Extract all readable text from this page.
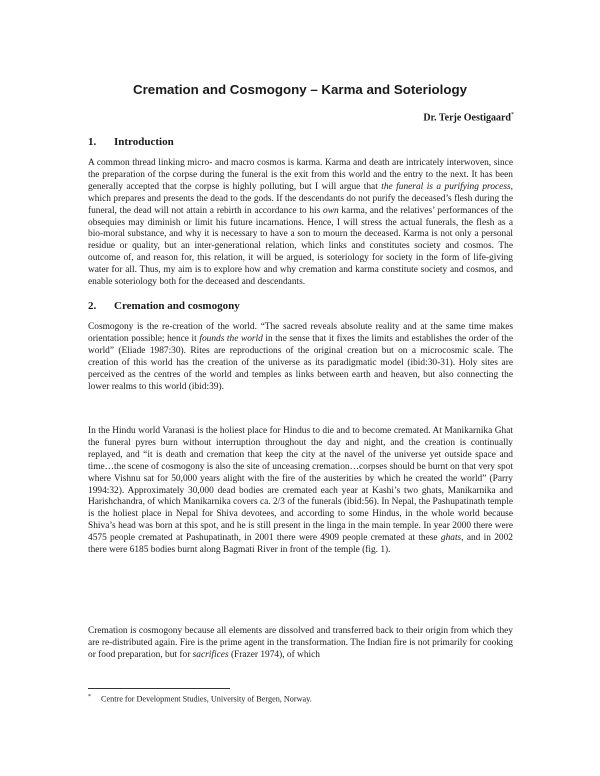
Cremation and Cosmogony – Karma and Soteriology
Dr. Terje Oestigaard*
1. Introduction

A common thread linking micro- and macro cosmos is karma. Karma and death are intricately interwoven, since the preparation of the corpse during the funeral is the exit from this world and the entry to the next. It has been generally accepted that the corpse is highly polluting, but I will argue that the funeral is a purifying process, which prepares and presents the dead to the gods. If the descendants do not purify the deceased’s flesh during the funeral, the dead will not attain a rebirth in accordance to his own karma, and the relatives’ performances of the obsequies may diminish or limit his future incarnations. Hence, I will stress the actual funerals, the flesh as a bio-moral substance, and why it is necessary to have a son to mourn the deceased. Karma is not only a personal residue or quality, but an inter-generational relation, which links and constitutes society and cosmos. The outcome of, and reason for, this relation, it will be argued, is soteriology for society in the form of life-giving water for all. Thus, my aim is to explore how and why cremation and karma constitute society and cosmos, and enable soteriology both for the deceased and descendants.

2. Cremation and cosmogony

Cosmogony is the re-creation of the world. “The sacred reveals absolute reality and at the same time makes orientation possible; hence it founds the world in the sense that it fixes the limits and establishes the order of the world” (Eliade 1987:30). Rites are reproductions of the original creation but on a microcosmic scale. The creation of this world has the creation of the universe as its paradigmatic model (ibid:30-31). Holy sites are perceived as the centres of the world and temples as links between earth and heaven, but also connecting the lower realms to this world (ibid:39).

In the Hindu world Varanasi is the holiest place for Hindus to die and to become cremated. At Manikarnika Ghat the funeral pyres burn without interruption throughout the day and night, and the creation is continually replayed, and “it is death and cremation that keep the city at the navel of the universe yet outside space and time…the scene of cosmogony is also the site of unceasing cremation…corpses should be burnt on that very spot where Vishnu sat for 50,000 years alight with the fire of the austerities by which he created the world” (Parry 1994:32). Approximately 30,000 dead bodies are cremated each year at Kashi’s two ghats, Manikarnika and Harishchandra, of which Manikarnika covers ca. 2/3 of the funerals (ibid:56). In Nepal, the Pashupatinath temple is the holiest place in Nepal for Shiva devotees, and according to some Hindus, in the whole world because Shiva’s head was born at this spot, and he is still present in the linga in the main temple. In year 2000 there were 4575 people cremated at Pashupatinath, in 2001 there were 4909 people cremated at these ghats, and in 2002 there were 6185 bodies burnt along Bagmati River in front of the temple (fig. 1).

Cremation is cosmogony because all elements are dissolved and transferred back to their origin from which they are re-distributed again. Fire is the prime agent in the transformation. The Indian fire is not primarily for cooking or food preparation, but for sacrifices (Frazer 1974), of which

* Centre for Development Studies, University of Bergen, Norway.
